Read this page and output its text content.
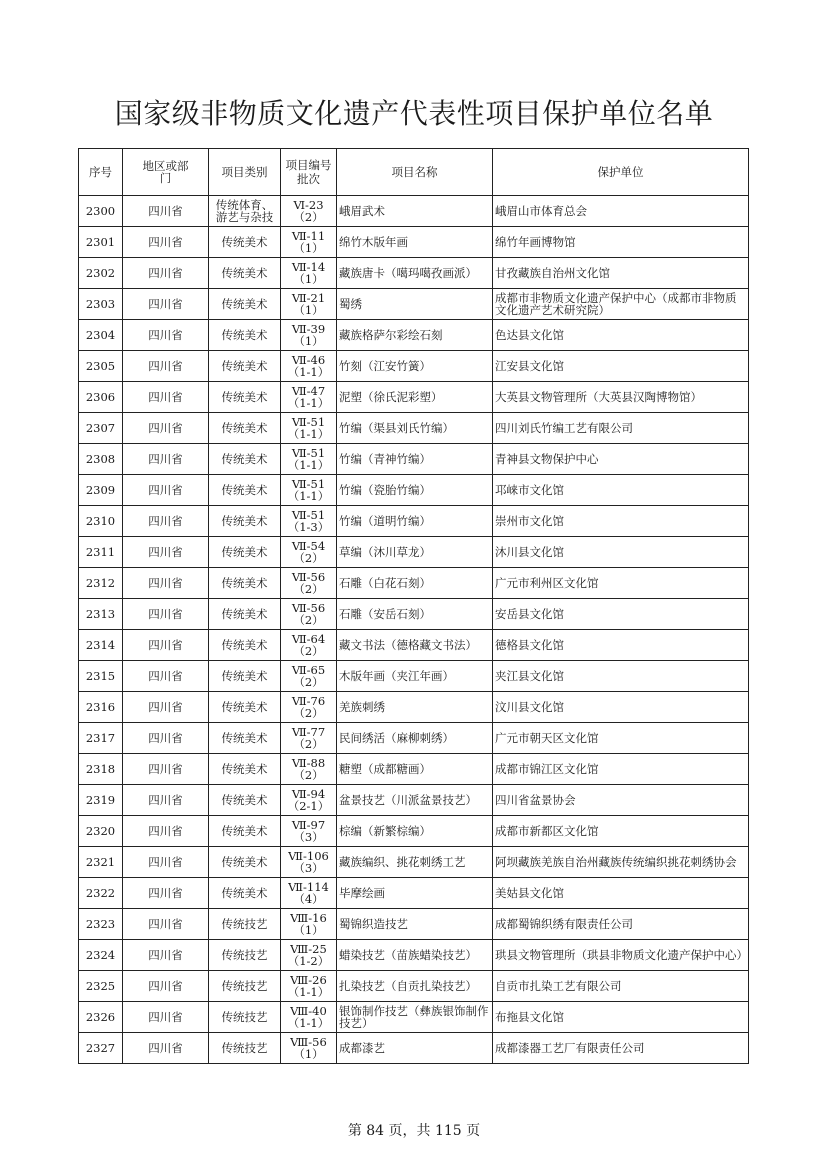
国家级非物质文化遗产代表性项目保护单位名单
序号	地区或部门	项目类别	项目编号批次	项目名称	保护单位
2300	四川省	传统体育、游艺与杂技	Ⅵ-23 （2）	峨眉武术	峨眉山市体育总会
2301	四川省	传统美术	Ⅶ-11 （1）	绵竹木版年画	绵竹年画博物馆
2302	四川省	传统美术	Ⅶ-14 （1）	藏族唐卡（噶玛噶孜画派）	甘孜藏族自治州文化馆
2303	四川省	传统美术	Ⅶ-21 （1）	蜀绣	成都市非物质文化遗产保护中心（成都市非物质文化遗产艺术研究院）
2304	四川省	传统美术	Ⅶ-39 （1）	藏族格萨尔彩绘石刻	色达县文化馆
2305	四川省	传统美术	Ⅶ-46 （1-1）	竹刻（江安竹簧）	江安县文化馆
2306	四川省	传统美术	Ⅶ-47 （1-1）	泥塑（徐氏泥彩塑）	大英县文物管理所（大英县汉陶博物馆）
2307	四川省	传统美术	Ⅶ-51 （1-1）	竹编（渠县刘氏竹编）	四川刘氏竹编工艺有限公司
2308	四川省	传统美术	Ⅶ-51 （1-1）	竹编（青神竹编）	青神县文物保护中心
2309	四川省	传统美术	Ⅶ-51 （1-1）	竹编（瓷胎竹编）	邛崃市文化馆
2310	四川省	传统美术	Ⅶ-51 （1-3）	竹编（道明竹编）	崇州市文化馆
2311	四川省	传统美术	Ⅶ-54 （2）	草编（沐川草龙）	沐川县文化馆
2312	四川省	传统美术	Ⅶ-56 （2）	石雕（白花石刻）	广元市利州区文化馆
2313	四川省	传统美术	Ⅶ-56 （2）	石雕（安岳石刻）	安岳县文化馆
2314	四川省	传统美术	Ⅶ-64 （2）	藏文书法（德格藏文书法）	德格县文化馆
2315	四川省	传统美术	Ⅶ-65 （2）	木版年画（夹江年画）	夹江县文化馆
2316	四川省	传统美术	Ⅶ-76 （2）	羌族刺绣	汶川县文化馆
2317	四川省	传统美术	Ⅶ-77 （2）	民间绣活（麻柳刺绣）	广元市朝天区文化馆
2318	四川省	传统美术	Ⅶ-88 （2）	糖塑（成都糖画）	成都市锦江区文化馆
2319	四川省	传统美术	Ⅶ-94 （2-1）	盆景技艺（川派盆景技艺）	四川省盆景协会
2320	四川省	传统美术	Ⅶ-97 （3）	棕编（新繁棕编）	成都市新都区文化馆
2321	四川省	传统美术	Ⅶ-106 （3）	藏族编织、挑花刺绣工艺	阿坝藏族羌族自治州藏族传统编织挑花刺绣协会
2322	四川省	传统美术	Ⅶ-114 （4）	毕摩绘画	美姑县文化馆
2323	四川省	传统技艺	Ⅷ-16 （1）	蜀锦织造技艺	成都蜀锦织绣有限责任公司
2324	四川省	传统技艺	Ⅷ-25 （1-2）	蜡染技艺（苗族蜡染技艺）	珙县文物管理所（珙县非物质文化遗产保护中心）
2325	四川省	传统技艺	Ⅷ-26 （1-1）	扎染技艺（自贡扎染技艺）	自贡市扎染工艺有限公司
2326	四川省	传统技艺	Ⅷ-40 （1-1）	银饰制作技艺（彝族银饰制作技艺）	布拖县文化馆
2327	四川省	传统技艺	Ⅷ-56 （1）	成都漆艺	成都漆器工艺厂有限责任公司
第 84 页，共 115 页
